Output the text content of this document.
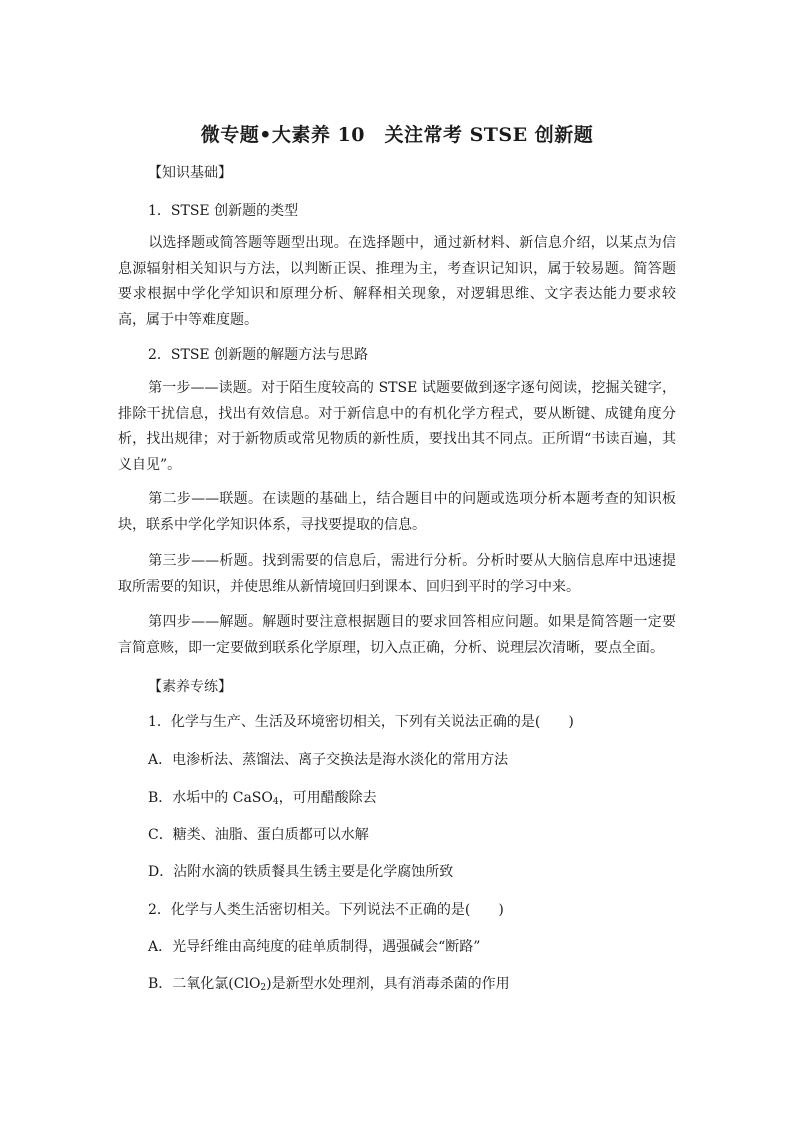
微专题•大素养 10　关注常考 STSE 创新题
【知识基础】
1．STSE 创新题的类型
以选择题或简答题等题型出现。在选择题中，通过新材料、新信息介绍，以某点为信息源辐射相关知识与方法，以判断正误、推理为主，考查识记知识，属于较易题。简答题要求根据中学化学知识和原理分析、解释相关现象，对逻辑思维、文字表达能力要求较高，属于中等难度题。
2．STSE 创新题的解题方法与思路
第一步——读题。对于陌生度较高的 STSE 试题要做到逐字逐句阅读，挖掘关键字，排除干扰信息，找出有效信息。对于新信息中的有机化学方程式，要从断键、成键角度分析，找出规律；对于新物质或常见物质的新性质，要找出其不同点。正所谓“书读百遍，其义自见”。
第二步——联题。在读题的基础上，结合题目中的问题或选项分析本题考查的知识板块，联系中学化学知识体系，寻找要提取的信息。
第三步——析题。找到需要的信息后，需进行分析。分析时要从大脑信息库中迅速提取所需要的知识，并使思维从新情境回归到课本、回归到平时的学习中来。
第四步——解题。解题时要注意根据题目的要求回答相应问题。如果是简答题一定要言简意赅，即一定要做到联系化学原理，切入点正确，分析、说理层次清晰，要点全面。
【素养专练】
1．化学与生产、生活及环境密切相关，下列有关说法正确的是(　　)
A．电渗析法、蒸馏法、离子交换法是海水淡化的常用方法
B．水垢中的 CaSO$_4$，可用醋酸除去
C．糖类、油脂、蛋白质都可以水解
D．沾附水滴的铁质餐具生锈主要是化学腐蚀所致
2．化学与人类生活密切相关。下列说法不正确的是(　　)
A．光导纤维由高纯度的硅单质制得，遇强碱会“断路”
B．二氧化氯(ClO$_2$)是新型水处理剂，具有消毒杀菌的作用
